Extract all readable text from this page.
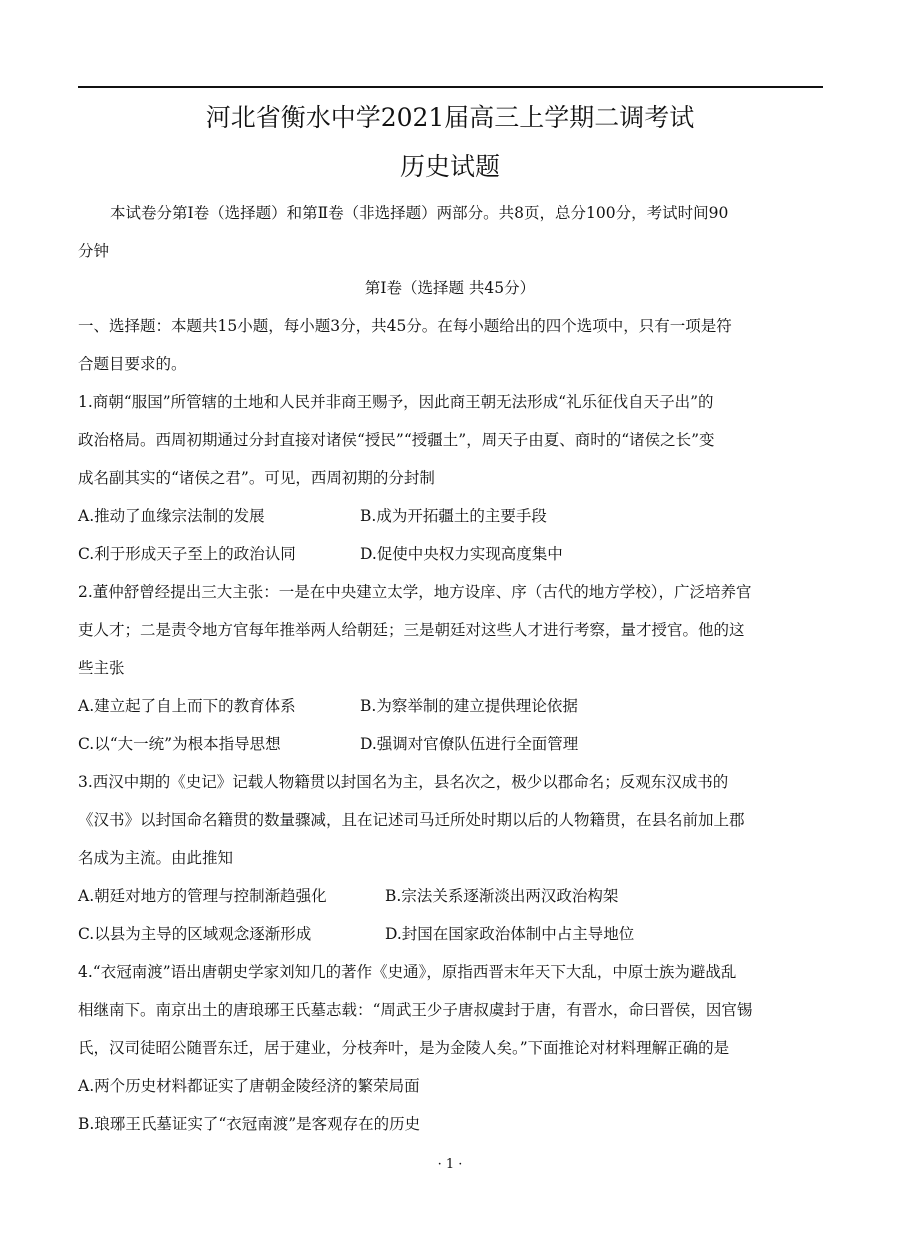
河北省衡水中学2021届高三上学期二调考试
历史试题
本试卷分第Ⅰ卷（选择题）和第Ⅱ卷（非选择题）两部分。共8页，总分100分，考试时间90
分钟
第Ⅰ卷（选择题 共45分）
一、选择题：本题共15小题，每小题3分，共45分。在每小题给出的四个选项中，只有一项是符
合题目要求的。
1.商朝“服国”所管辖的土地和人民并非商王赐予，因此商王朝无法形成“礼乐征伐自天子出”的
政治格局。西周初期通过分封直接对诸侯“授民”“授疆土”，周天子由夏、商时的“诸侯之长”变
成名副其实的“诸侯之君”。可见，西周初期的分封制
A.推动了血缘宗法制的发展	B.成为开拓疆土的主要手段
C.利于形成天子至上的政治认同	D.促使中央权力实现高度集中
2.董仲舒曾经提出三大主张：一是在中央建立太学，地方设庠、序（古代的地方学校），广泛培养官
吏人才；二是责令地方官每年推举两人给朝廷；三是朝廷对这些人才进行考察，量才授官。他的这
些主张
A.建立起了自上而下的教育体系	B.为察举制的建立提供理论依据
C.以“大一统”为根本指导思想	D.强调对官僚队伍进行全面管理
3.西汉中期的《史记》记载人物籍贯以封国名为主，县名次之，极少以郡命名；反观东汉成书的
《汉书》以封国命名籍贯的数量骤减，且在记述司马迁所处时期以后的人物籍贯，在县名前加上郡
名成为主流。由此推知
A.朝廷对地方的管理与控制渐趋强化	B.宗法关系逐渐淡出两汉政治构架
C.以县为主导的区域观念逐渐形成	D.封国在国家政治体制中占主导地位
4.“衣冠南渡”语出唐朝史学家刘知几的著作《史通》，原指西晋末年天下大乱，中原士族为避战乱
相继南下。南京出土的唐琅琊王氏墓志载：“周武王少子唐叔虞封于唐，有晋水，命曰晋侯，因官锡
氏，汉司徒昭公随晋东迁，居于建业，分枝奔叶，是为金陵人矣。”下面推论对材料理解正确的是
A.两个历史材料都证实了唐朝金陵经济的繁荣局面
B.琅琊王氏墓证实了“衣冠南渡”是客观存在的历史
· 1 ·
